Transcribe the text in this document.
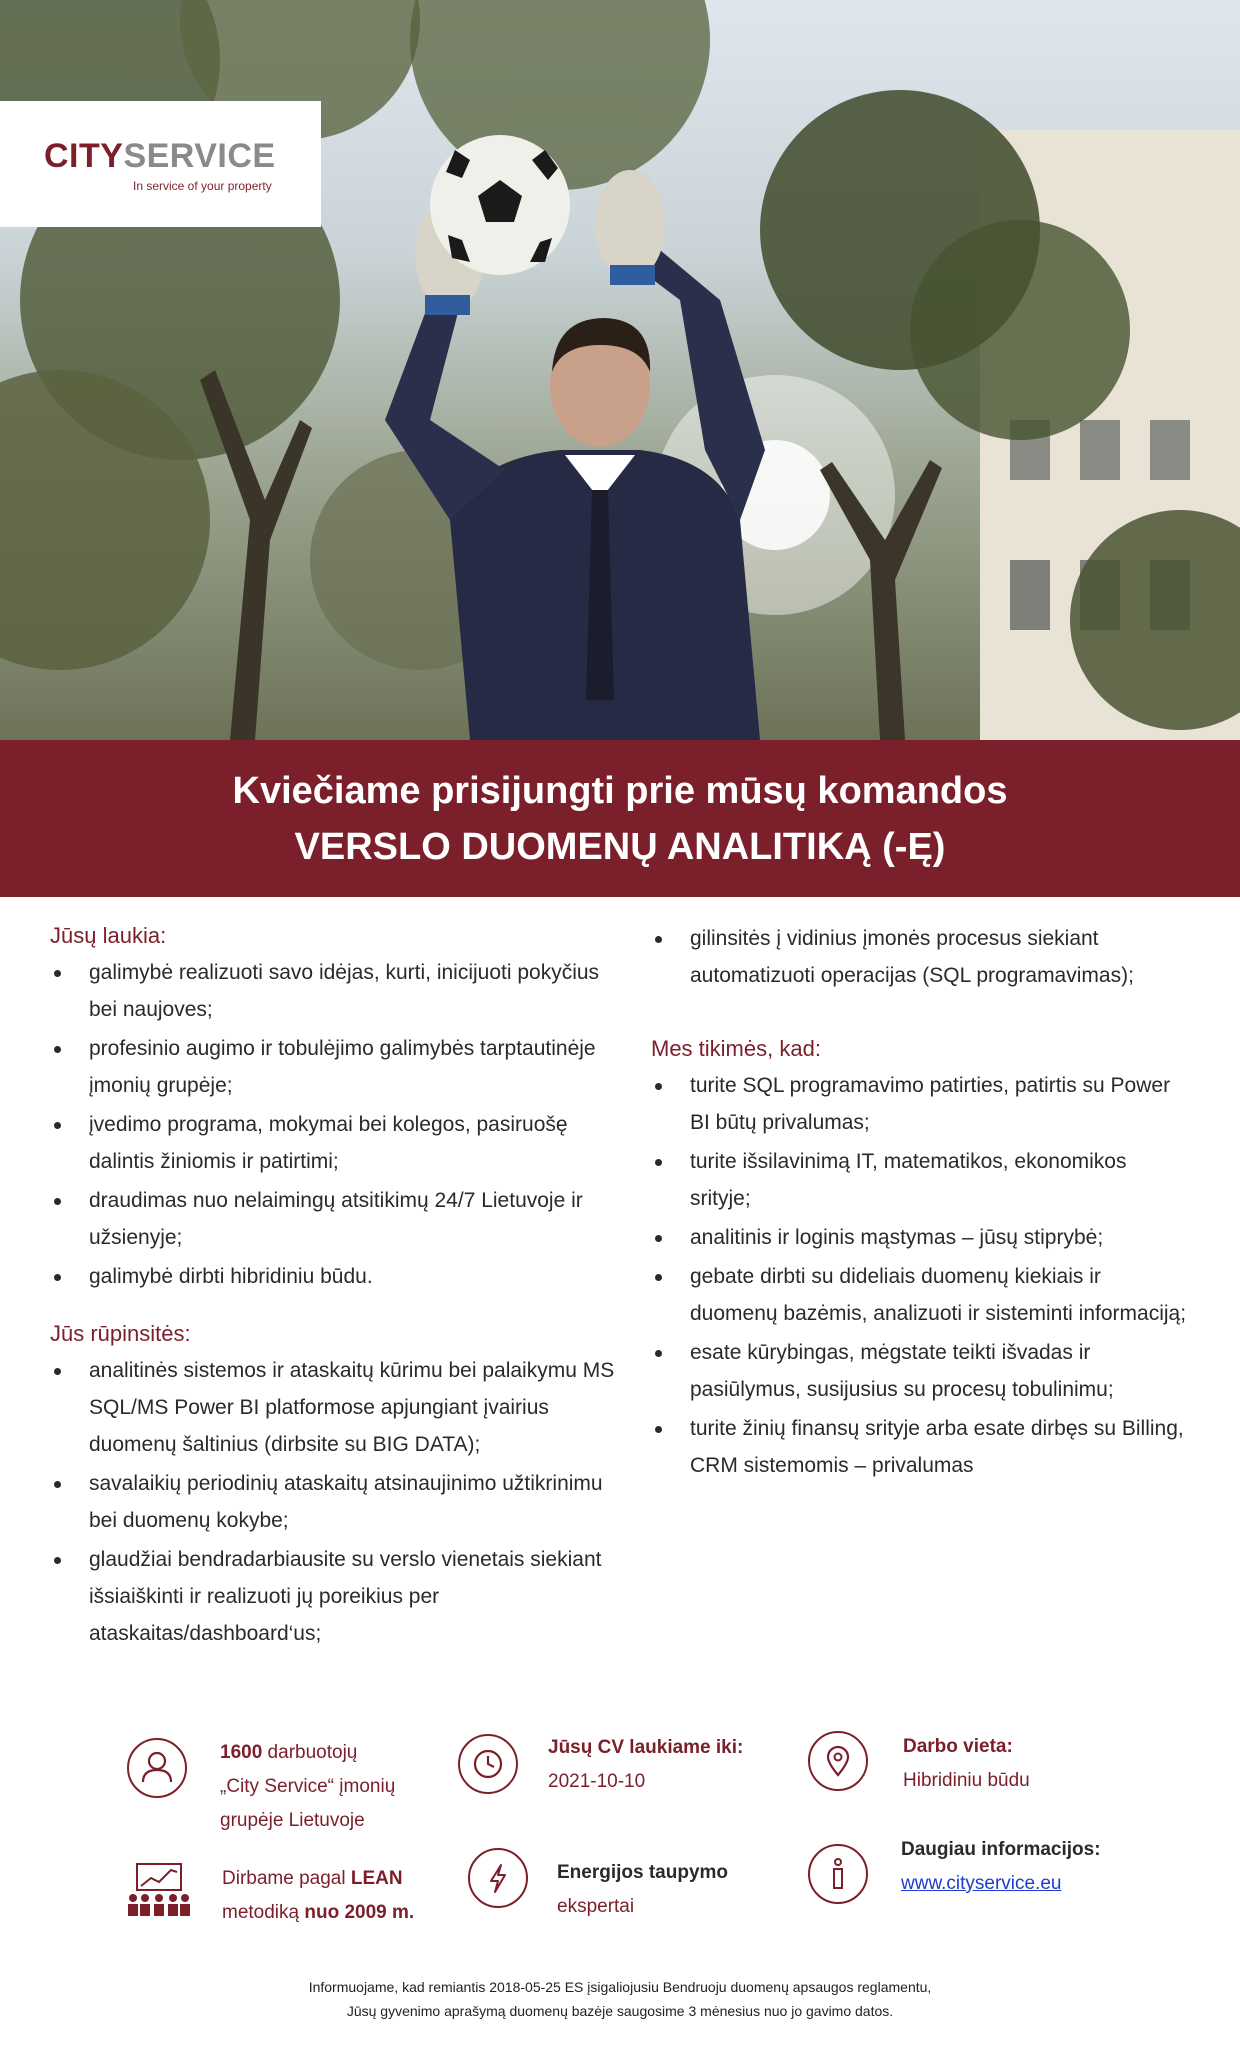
CITYSERVICE
In service of your property
Kviečiame prisijungti prie mūsų komandos
VERSLO DUOMENŲ ANALITIKĄ (-Ę)

Jūsų laukia:

galimybė realizuoti savo idėjas, kurti, inicijuoti pokyčius bei naujoves;
profesinio augimo ir tobulėjimo galimybės tarptautinėje įmonių grupėje;
įvedimo programa, mokymai bei kolegos, pasiruošę dalintis žiniomis ir patirtimi;
draudimas nuo nelaimingų atsitikimų 24/7 Lietuvoje ir užsienyje;
galimybė dirbti hibridiniu būdu.

Jūs rūpinsitės:

analitinės sistemos ir ataskaitų kūrimu bei palaikymu MS SQL/MS Power BI platformose apjungiant įvairius duomenų šaltinius (dirbsite su BIG DATA);
savalaikių periodinių ataskaitų atsinaujinimo užtikrinimu bei duomenų kokybe;
glaudžiai bendradarbiausite su verslo vienetais siekiant išsiaiškinti ir realizuoti jų poreikius per ataskaitas/dashboard‘us;
gilinsitės į vidinius įmonės procesus siekiant automatizuoti operacijas (SQL programavimas);

Mes tikimės, kad:

turite SQL programavimo patirties, patirtis su Power BI būtų privalumas;
turite išsilavinimą IT, matematikos, ekonomikos srityje;
analitinis ir loginis mąstymas – jūsų stiprybė;
gebate dirbti su dideliais duomenų kiekiais ir duomenų bazėmis, analizuoti ir sisteminti informaciją;
esate kūrybingas, mėgstate teikti išvadas ir pasiūlymus, susijusius su procesų tobulinimu;
turite žinių finansų srityje arba esate dirbęs su Billing, CRM sistemomis – privalumas
1600 darbuotojų
„City Service“ įmonių
grupėje Lietuvoje
Jūsų CV laukiame iki:
2021-10-10
Darbo vieta:
Hibridiniu būdu
Dirbame pagal LEAN
metodiką nuo 2009 m.
Energijos taupymo
ekspertai
Daugiau informacijos:
www.cityservice.eu
Informuojame, kad remiantis 2018-05-25 ES įsigaliojusiu Bendruoju duomenų apsaugos reglamentu,
Jūsų gyvenimo aprašymą duomenų bazėje saugosime 3 mėnesius nuo jo gavimo datos.
